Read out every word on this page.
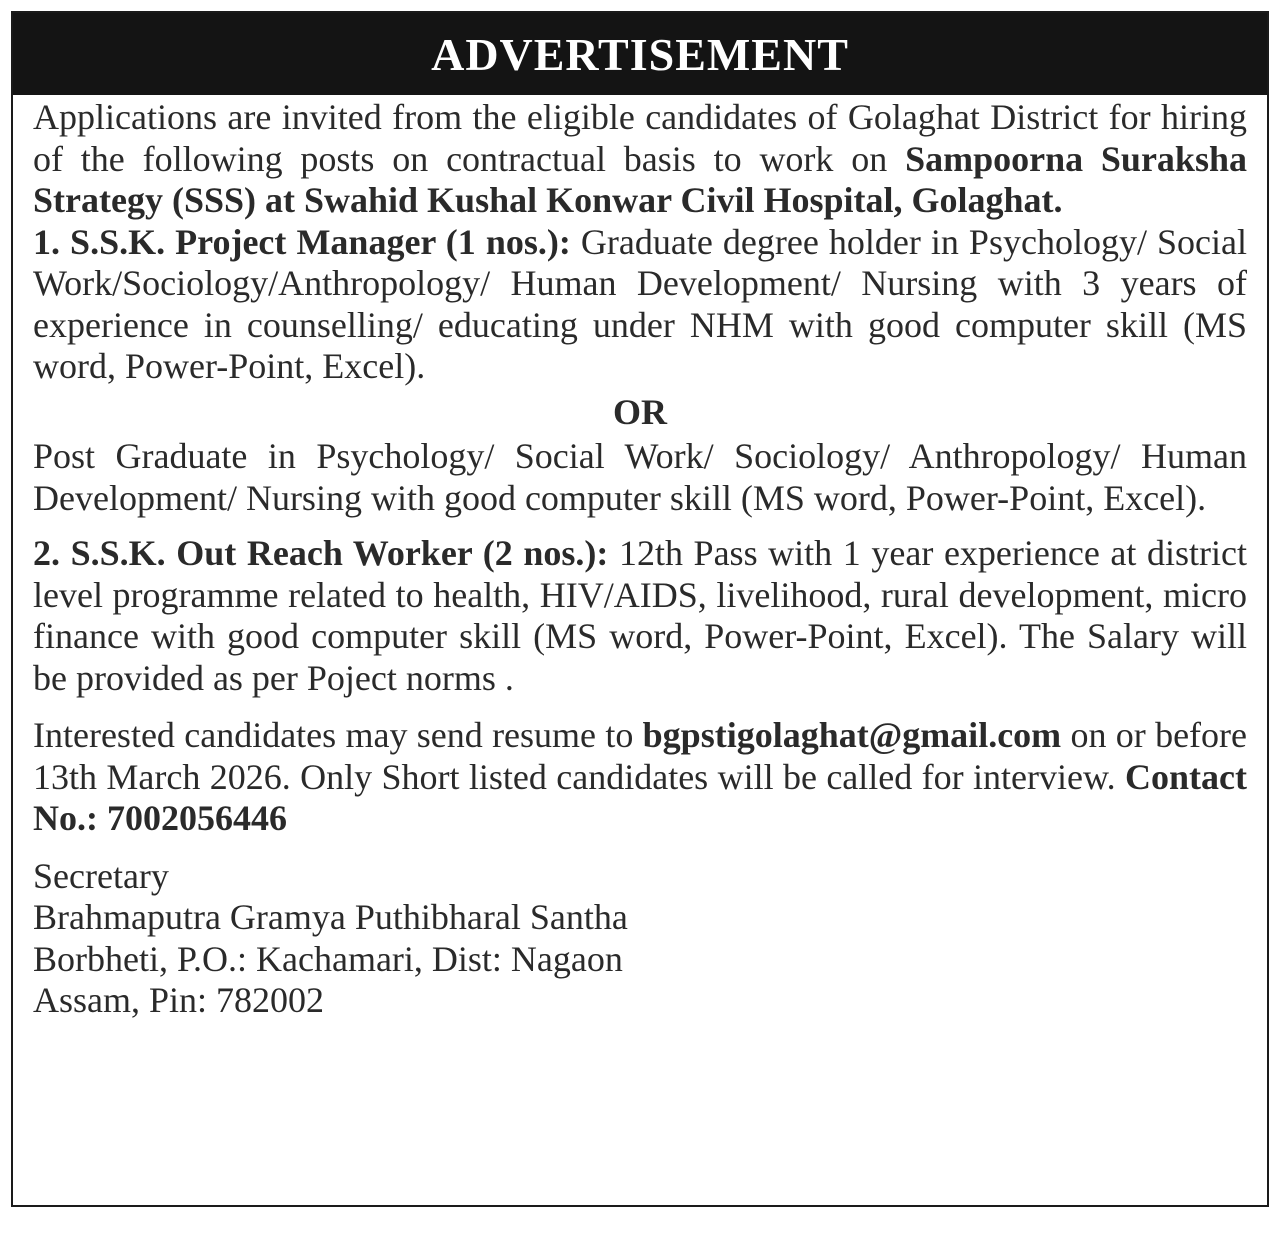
ADVERTISEMENT

Applications are invited from the eligible candidates of Golaghat District for hiring of the following posts on contractual basis to work on Sampoorna Suraksha Strategy (SSS) at Swahid Kushal Konwar Civil Hospital, Golaghat.

1. S.S.K. Project Manager (1 nos.): Graduate degree holder in Psychology/ Social Work/Sociology/Anthropology/ Human Development/ Nursing with 3 years of experience in counselling/ educating under NHM with good computer skill (MS word, Power-Point, Excel).

OR

Post Graduate in Psychology/ Social Work/ Sociology/ Anthropology/ Human Development/ Nursing with good computer skill (MS word, Power-Point, Excel).

2. S.S.K. Out Reach Worker (2 nos.): 12th Pass with 1 year experience at district level programme related to health, HIV/AIDS, livelihood, rural development, micro finance with good computer skill (MS word, Power-Point, Excel). The Salary will be provided as per Poject norms .

Interested candidates may send resume to bgpstigolaghat@gmail.com on or before 13th March 2026. Only Short listed candidates will be called for interview. Contact No.: 7002056446

Secretary

Brahmaputra Gramya Puthibharal Santha

Borbheti, P.O.: Kachamari, Dist: Nagaon

Assam, Pin: 782002
